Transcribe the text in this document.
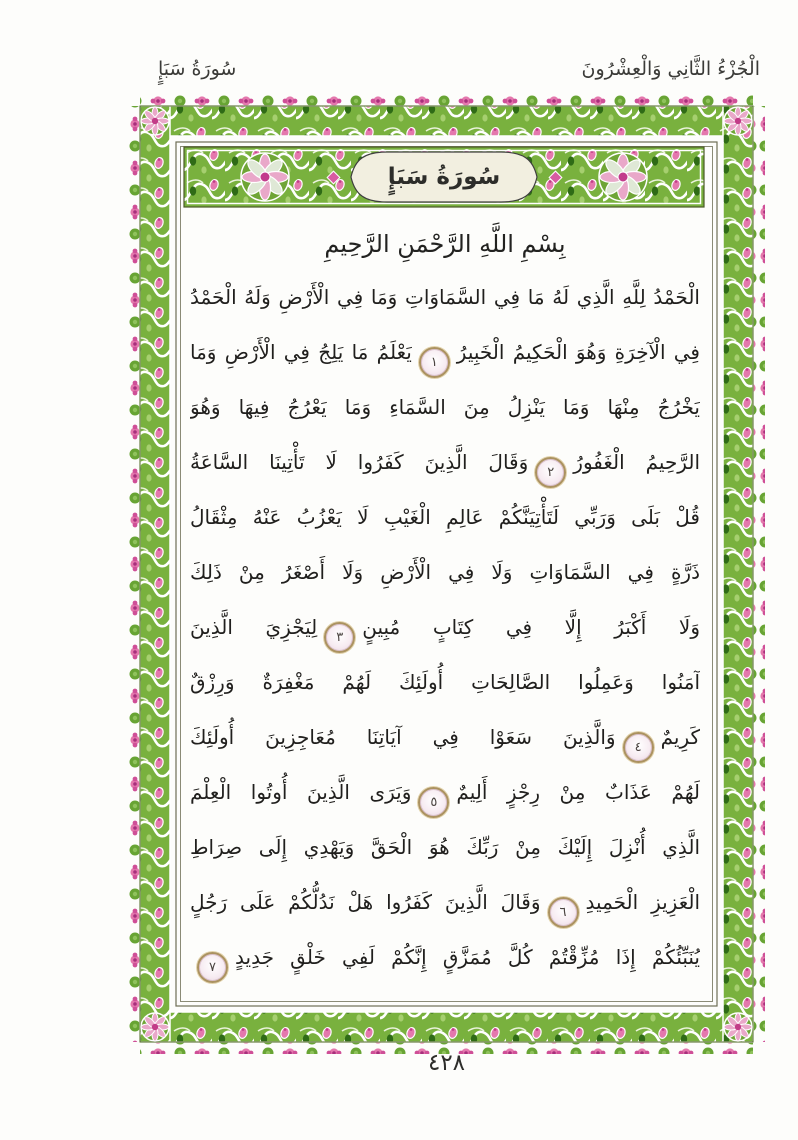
الْجُزْءُ الثَّانِي وَالْعِشْرُونَ
سُورَةُ سَبَإٍ
سُورَةُ سَبَإٍ
بِسْمِ اللَّهِ الرَّحْمَنِ الرَّحِيمِ
الْحَمْدُ لِلَّهِ الَّذِي لَهُ مَا فِي السَّمَاوَاتِ وَمَا فِي الْأَرْضِ وَلَهُ الْحَمْدُ
فِي الْآخِرَةِ وَهُوَ الْحَكِيمُ الْخَبِيرُ١يَعْلَمُ مَا يَلِجُ فِي الْأَرْضِ وَمَا
يَخْرُجُ مِنْهَا وَمَا يَنْزِلُ مِنَ السَّمَاءِ وَمَا يَعْرُجُ فِيهَا وَهُوَ
الرَّحِيمُ الْغَفُورُ٢وَقَالَ الَّذِينَ كَفَرُوا لَا تَأْتِينَا السَّاعَةُ
قُلْ بَلَى وَرَبِّي لَتَأْتِيَنَّكُمْ عَالِمِ الْغَيْبِ لَا يَعْزُبُ عَنْهُ مِثْقَالُ
ذَرَّةٍ فِي السَّمَاوَاتِ وَلَا فِي الْأَرْضِ وَلَا أَصْغَرُ مِنْ ذَلِكَ
وَلَا أَكْبَرُ إِلَّا فِي كِتَابٍ مُبِينٍ٣لِيَجْزِيَ الَّذِينَ
آمَنُوا وَعَمِلُوا الصَّالِحَاتِ أُولَئِكَ لَهُمْ مَغْفِرَةٌ وَرِزْقٌ
كَرِيمٌ٤وَالَّذِينَ سَعَوْا فِي آيَاتِنَا مُعَاجِزِينَ أُولَئِكَ
لَهُمْ عَذَابٌ مِنْ رِجْزٍ أَلِيمٌ٥وَيَرَى الَّذِينَ أُوتُوا الْعِلْمَ
الَّذِي أُنْزِلَ إِلَيْكَ مِنْ رَبِّكَ هُوَ الْحَقَّ وَيَهْدِي إِلَى صِرَاطِ
الْعَزِيزِ الْحَمِيدِ٦وَقَالَ الَّذِينَ كَفَرُوا هَلْ نَدُلُّكُمْ عَلَى رَجُلٍ
يُنَبِّئُكُمْ إِذَا مُزِّقْتُمْ كُلَّ مُمَزَّقٍ إِنَّكُمْ لَفِي خَلْقٍ جَدِيدٍ٧
٤٢٨
